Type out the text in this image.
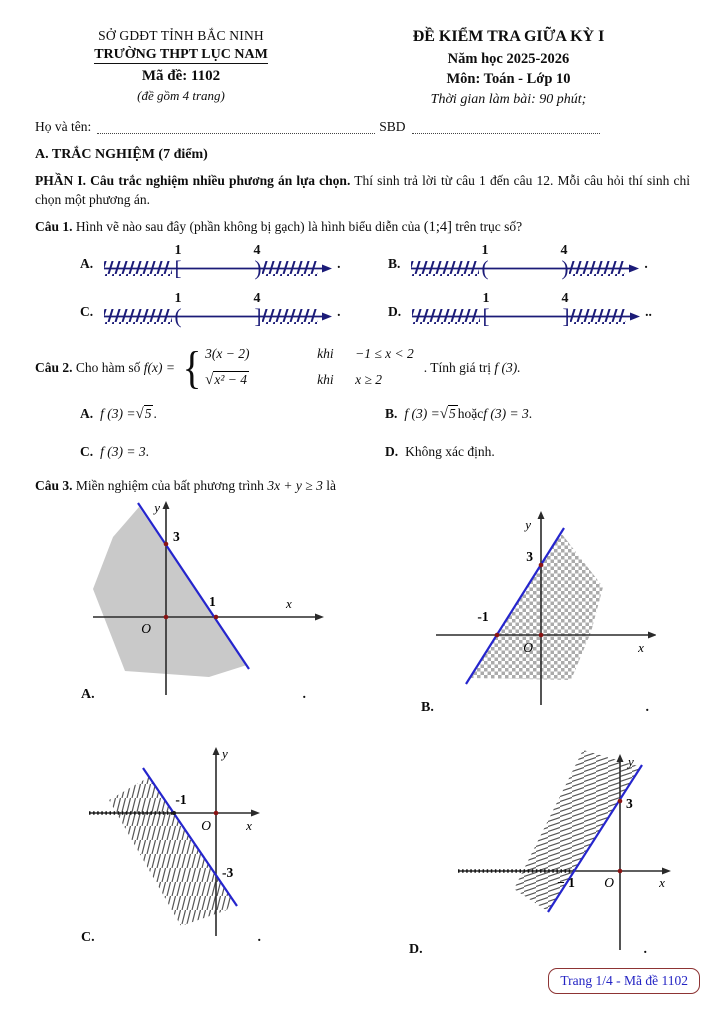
SỞ GDĐT TỈNH BẮC NINH
TRƯỜNG THPT LỤC NAM
Mã đề: 1102
(đề gồm 4 trang)
ĐỀ KIỂM TRA GIỮA KỲ I
Năm học 2025-2026
Môn: Toán - Lớp 10
Thời gian làm bài: 90 phút;
Họ và tên:	SBD
A. TRẮC NGHIỆM (7 điểm)

PHẦN I. Câu trắc nghiệm nhiều phương án lựa chọn. Thí sinh trả lời từ câu 1 đến câu 12. Mỗi câu hỏi thí sinh chỉ chọn một phương án.

Câu 1. Hình vẽ nào sau đây (phần không bị gạch) là hình biểu diễn của (1;4] trên trục số?

A.	[	)
1	4
.	B.	(	)
1	4
.
C.	(	]
1	4
.	D.	[	]
1	4
..
Câu 2.
Cho hàm số
f(x) = { 3(x − 2)	khi	−1 ≤ x < 2
√x² − 4	khi	x ≥ 2
. Tính giá trị
f (3).
A. f (3) = √5 .	B. f (3) = √5 hoặc f (3) = 3 .
C. f (3) = 3 .	D. Không xác định.

Câu 3. Miền nghiệm của bất phương trình 3x + y ≥ 3 là

3
1
O
y
x
A.	.
3
-1
O
y
x
B.	.
-1
O
-3
y
x
C.	.
3
− 1 O
y
x
D.	.
Trang 1/4 - Mã đề 1102
